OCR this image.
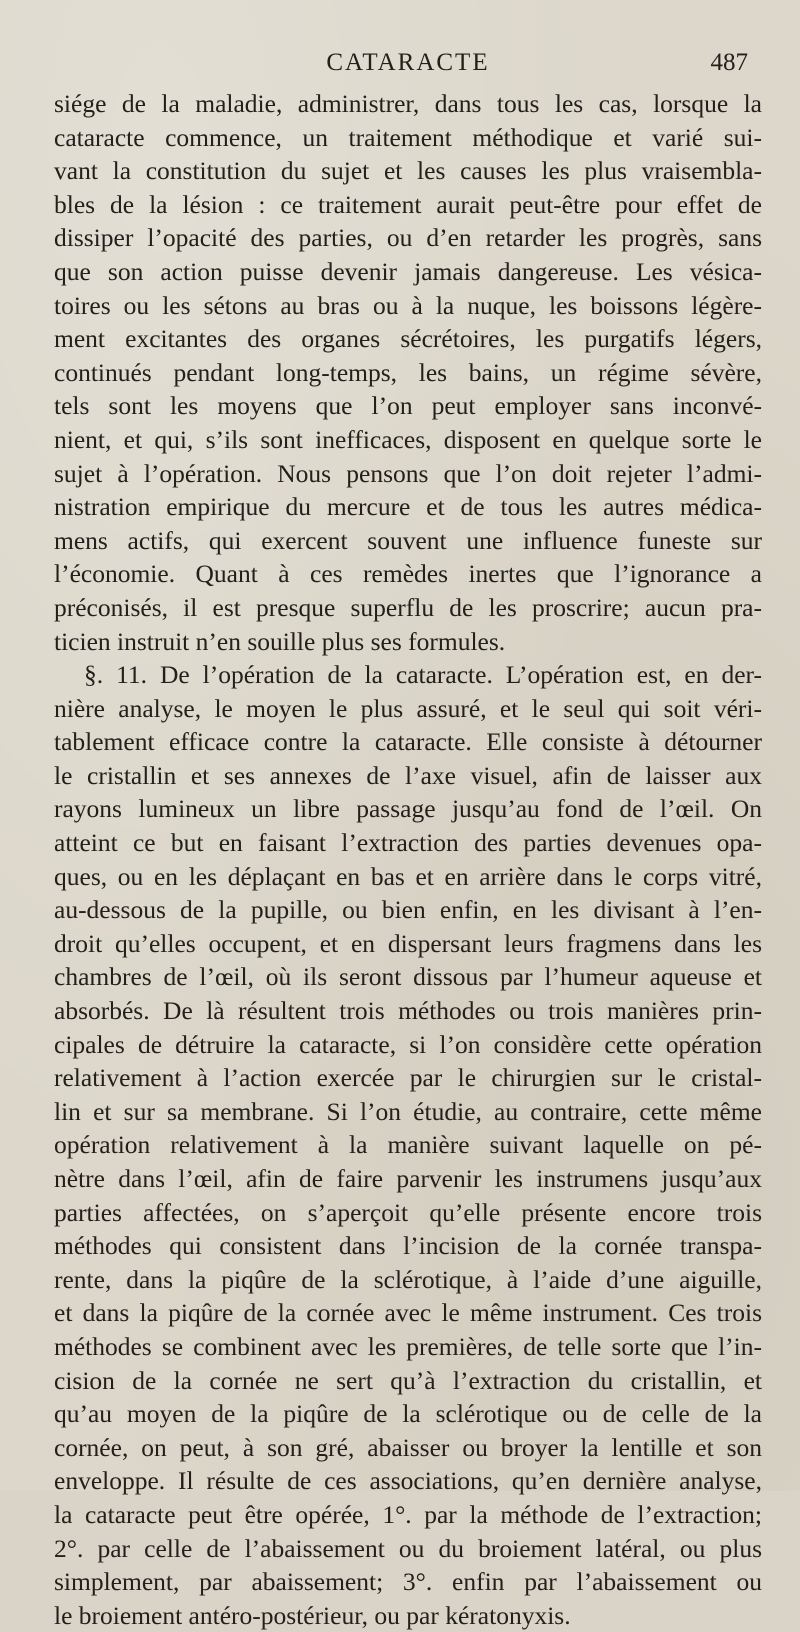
CATARACTE	487
siége de la maladie, administrer, dans tous les cas, lorsque la
cataracte commence, un traitement méthodique et varié sui-
vant la constitution du sujet et les causes les plus vraisembla-
bles de la lésion : ce traitement aurait peut-être pour effet de
dissiper l’opacité des parties, ou d’en retarder les progrès, sans
que son action puisse devenir jamais dangereuse. Les vésica-
toires ou les sétons au bras ou à la nuque, les boissons légère-
ment excitantes des organes sécrétoires, les purgatifs légers,
continués pendant long-temps, les bains, un régime sévère,
tels sont les moyens que l’on peut employer sans inconvé-
nient, et qui, s’ils sont inefficaces, disposent en quelque sorte le
sujet à l’opération. Nous pensons que l’on doit rejeter l’admi-
nistration empirique du mercure et de tous les autres médica-
mens actifs, qui exercent souvent une influence funeste sur
l’économie. Quant à ces remèdes inertes que l’ignorance a
préconisés, il est presque superflu de les proscrire; aucun pra-
ticien instruit n’en souille plus ses formules.
§. 11. De l’opération de la cataracte. L’opération est, en der-
nière analyse, le moyen le plus assuré, et le seul qui soit véri-
tablement efficace contre la cataracte. Elle consiste à détourner
le cristallin et ses annexes de l’axe visuel, afin de laisser aux
rayons lumineux un libre passage jusqu’au fond de l’œil. On
atteint ce but en faisant l’extraction des parties devenues opa-
ques, ou en les déplaçant en bas et en arrière dans le corps vitré,
au-dessous de la pupille, ou bien enfin, en les divisant à l’en-
droit qu’elles occupent, et en dispersant leurs fragmens dans les
chambres de l’œil, où ils seront dissous par l’humeur aqueuse et
absorbés. De là résultent trois méthodes ou trois manières prin-
cipales de détruire la cataracte, si l’on considère cette opération
relativement à l’action exercée par le chirurgien sur le cristal-
lin et sur sa membrane. Si l’on étudie, au contraire, cette même
opération relativement à la manière suivant laquelle on pé-
nètre dans l’œil, afin de faire parvenir les instrumens jusqu’aux
parties affectées, on s’aperçoit qu’elle présente encore trois
méthodes qui consistent dans l’incision de la cornée transpa-
rente, dans la piqûre de la sclérotique, à l’aide d’une aiguille,
et dans la piqûre de la cornée avec le même instrument. Ces trois
méthodes se combinent avec les premières, de telle sorte que l’in-
cision de la cornée ne sert qu’à l’extraction du cristallin, et
qu’au moyen de la piqûre de la sclérotique ou de celle de la
cornée, on peut, à son gré, abaisser ou broyer la lentille et son
enveloppe. Il résulte de ces associations, qu’en dernière analyse,
la cataracte peut être opérée, 1°. par la méthode de l’extraction;
2°. par celle de l’abaissement ou du broiement latéral, ou plus
simplement, par abaissement; 3°. enfin par l’abaissement ou
le broiement antéro-postérieur, ou par kératonyxis.
